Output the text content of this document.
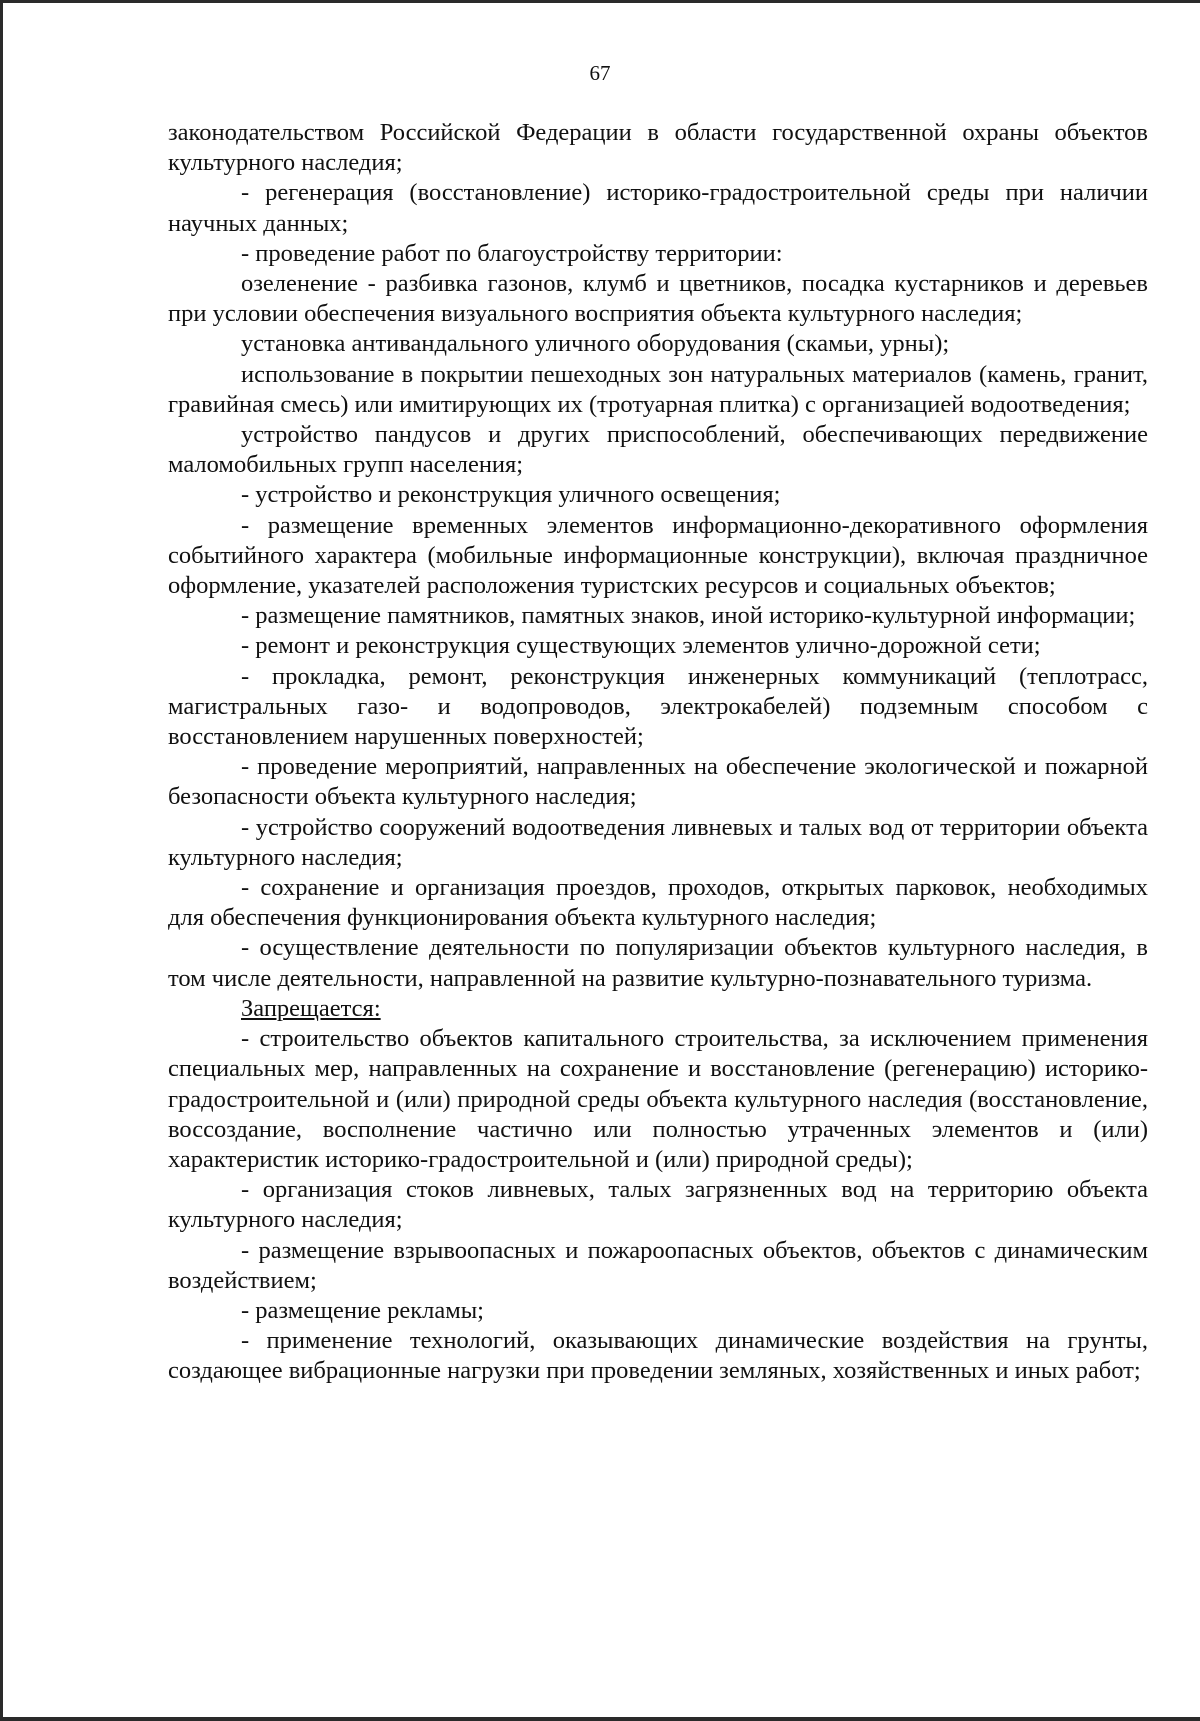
67

законодательством Российской Федерации в области государственной охраны объектов культурного наследия;

- регенерация (восстановление) историко-градостроительной среды при наличии научных данных;

- проведение работ по благоустройству территории:

озеленение - разбивка газонов, клумб и цветников, посадка кустарников и деревьев при условии обеспечения визуального восприятия объекта культурного наследия;

установка антивандального уличного оборудования (скамьи, урны);

использование в покрытии пешеходных зон натуральных материалов (камень, гранит, гравийная смесь) или имитирующих их (тротуарная плитка) с организацией водоотведения;

устройство пандусов и других приспособлений, обеспечивающих передвижение маломобильных групп населения;

- устройство и реконструкция уличного освещения;

- размещение временных элементов информационно-декоративного оформления событийного характера (мобильные информационные конструкции), включая праздничное оформление, указателей расположения туристских ресурсов и социальных объектов;

- размещение памятников, памятных знаков, иной историко-культурной информации;

- ремонт и реконструкция существующих элементов улично-дорожной сети;

- прокладка, ремонт, реконструкция инженерных коммуникаций (теплотрасс, магистральных газо- и водопроводов, электрокабелей) подземным способом с восстановлением нарушенных поверхностей;

- проведение мероприятий, направленных на обеспечение экологической и пожарной безопасности объекта культурного наследия;

- устройство сооружений водоотведения ливневых и талых вод от территории объекта культурного наследия;

- сохранение и организация проездов, проходов, открытых парковок, необходимых для обеспечения функционирования объекта культурного наследия;

- осуществление деятельности по популяризации объектов культурного наследия, в том числе деятельности, направленной на развитие культурно-познавательного туризма.

Запрещается:

- строительство объектов капитального строительства, за исключением применения специальных мер, направленных на сохранение и восстановление (регенерацию) историко-градостроительной и (или) природной среды объекта культурного наследия (восстановление, воссоздание, восполнение частично или полностью утраченных элементов и (или) характеристик историко-градостроительной и (или) природной среды);

- организация стоков ливневых, талых загрязненных вод на территорию объекта культурного наследия;

- размещение взрывоопасных и пожароопасных объектов, объектов с динамическим воздействием;

- размещение рекламы;

- применение технологий, оказывающих динамические воздействия на грунты, создающее вибрационные нагрузки при проведении земляных, хозяйственных и иных работ;
